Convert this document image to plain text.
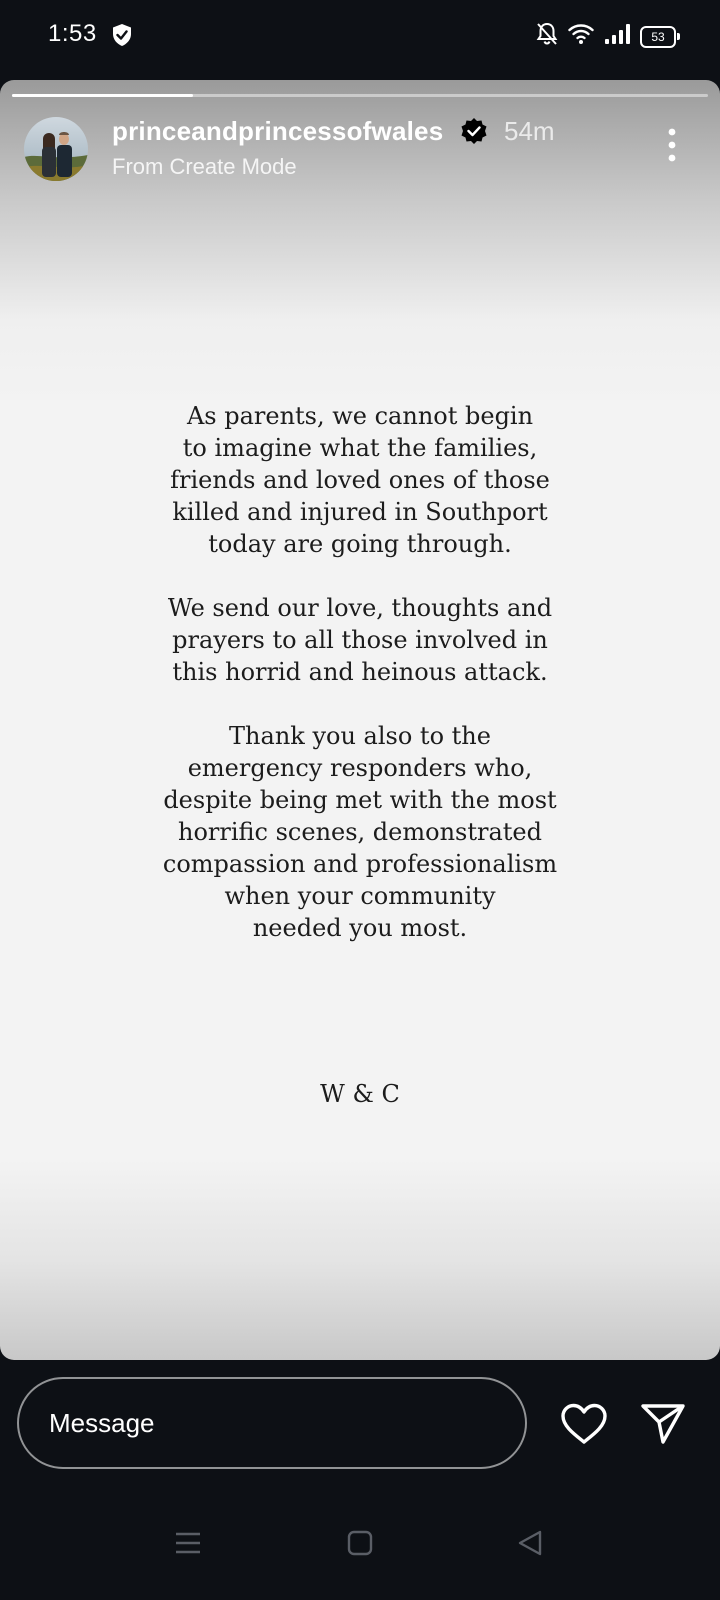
1:53	53
princeandprincessofwales 54m
From Create Mode

As parents, we cannot begin
to imagine what the families,
friends and loved ones of those
killed and injured in Southport
today are going through.

We send our love, thoughts and
prayers to all those involved in
this horrid and heinous attack.

Thank you also to the
emergency responders who,
despite being met with the most
horrific scenes, demonstrated
compassion and professionalism
when your community
needed you most.

W & C
Message
